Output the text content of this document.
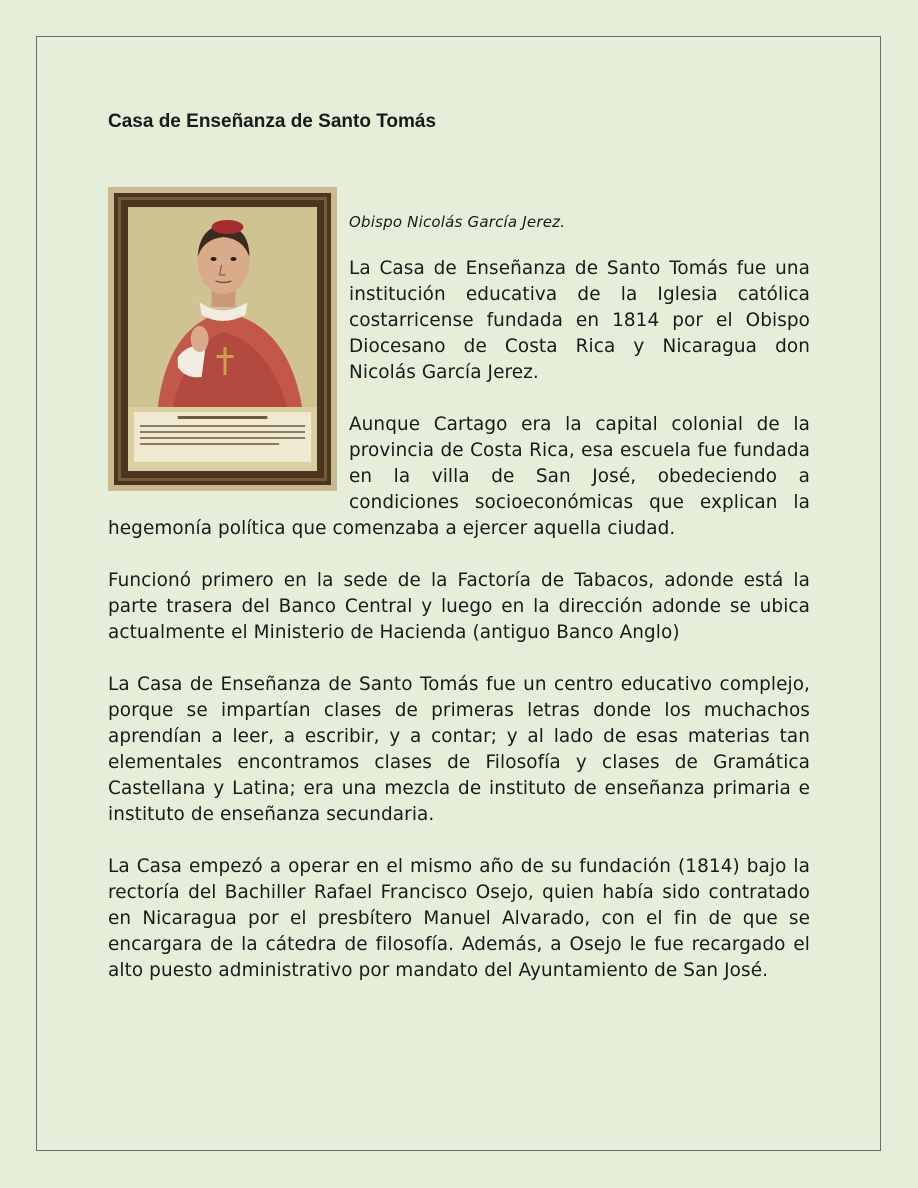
Casa de Enseñanza de Santo Tomás

Obispo Nicolás García Jerez.

La Casa de Enseñanza de Santo Tomás fue una institución educativa de la Iglesia católica costarricense fundada en 1814 por el Obispo Diocesano de Costa Rica y Nicaragua don Nicolás García Jerez.

Aunque Cartago era la capital colonial de la provincia de Costa Rica, esa escuela fue fundada en la villa de San José, obedeciendo a condiciones socioeconómicas que explican la hegemonía política que comenzaba a ejercer aquella ciudad.

Funcionó primero en la sede de la Factoría de Tabacos, adonde está la parte trasera del Banco Central y luego en la dirección adonde se ubica actualmente el Ministerio de Hacienda (antiguo Banco Anglo)

La Casa de Enseñanza de Santo Tomás fue un centro educativo complejo, porque se impartían clases de primeras letras donde los muchachos aprendían a leer, a escribir, y a contar; y al lado de esas materias tan elementales encontramos clases de Filosofía y clases de Gramática Castellana y Latina; era una mezcla de instituto de enseñanza primaria e instituto de enseñanza secundaria.

La Casa empezó a operar en el mismo año de su fundación (1814) bajo la rectoría del Bachiller Rafael Francisco Osejo, quien había sido contratado en Nicaragua por el presbítero Manuel Alvarado, con el fin de que se encargara de la cátedra de filosofía. Además, a Osejo le fue recargado el alto puesto administrativo por mandato del Ayuntamiento de San José.
